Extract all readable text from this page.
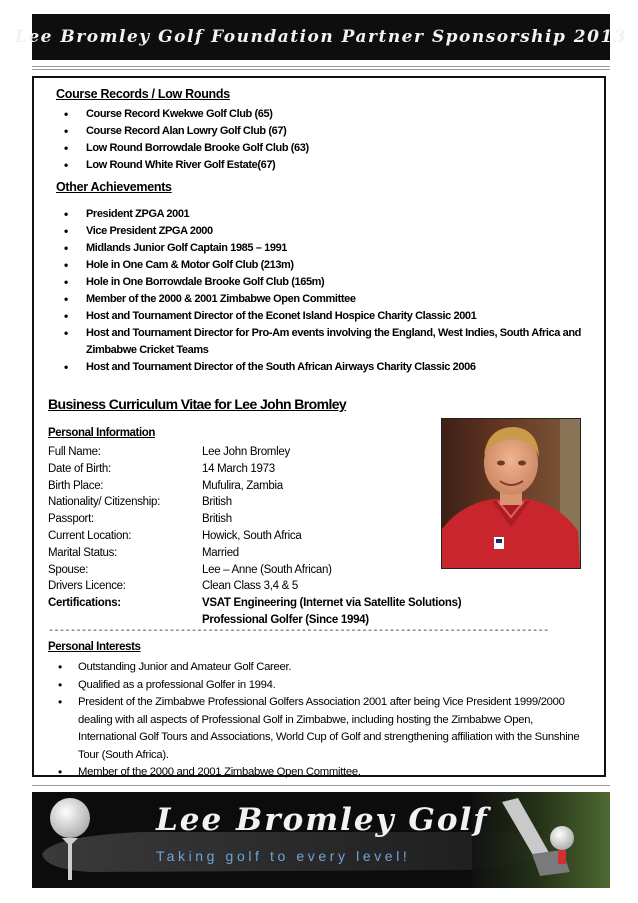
Lee Bromley Golf Foundation Partner Sponsorship 2013
Course Records / Low Rounds
• Course Record Kwekwe Golf Club (65)
• Course Record Alan Lowry Golf Club (67)
• Low Round Borrowdale Brooke Golf Club (63)
• Low Round White River Golf Estate(67)
Other Achievements
• President ZPGA 2001
• Vice President ZPGA 2000
• Midlands Junior Golf Captain 1985 – 1991
• Hole in One Cam & Motor Golf Club (213m)
• Hole in One Borrowdale Brooke Golf Club (165m)
• Member of the 2000 & 2001 Zimbabwe Open Committee
• Host and Tournament Director of the Econet Island Hospice Charity Classic 2001
• Host and Tournament Director for Pro-Am events involving the England, West Indies, South Africa and Zimbabwe Cricket Teams
• Host and Tournament Director of the South African Airways Charity Classic 2006
Business Curriculum Vitae for Lee John Bromley
Personal Information
Full Name:	Lee John Bromley
Date of Birth:	14 March 1973
Birth Place:	Mufulira, Zambia
Nationality/ Citizenship:	British
Passport:	British
Current Location:	Howick, South Africa
Marital Status:	Married
Spouse:	Lee – Anne (South African)
Drivers Licence:	Clean Class 3,4 & 5
Certifications:	VSAT Engineering (Internet via Satellite Solutions)
Professional Golfer (Since 1994)
-------------------------------------------------------------------------------------------
Personal Interests
• Outstanding Junior and Amateur Golf Career.
• Qualified as a professional Golfer in 1994.
• President of the Zimbabwe Professional Golfers Association 2001 after being Vice President 1999/2000 dealing with all aspects of Professional Golf in Zimbabwe, including hosting the Zimbabwe Open, International Golf Tours and Associations, World Cup of Golf and strengthening affiliation with the Sunshine Tour (South Africa).
• Member of the 2000 and 2001 Zimbabwe Open Committee.
Lee Bromley Golf
Taking golf to every level!
